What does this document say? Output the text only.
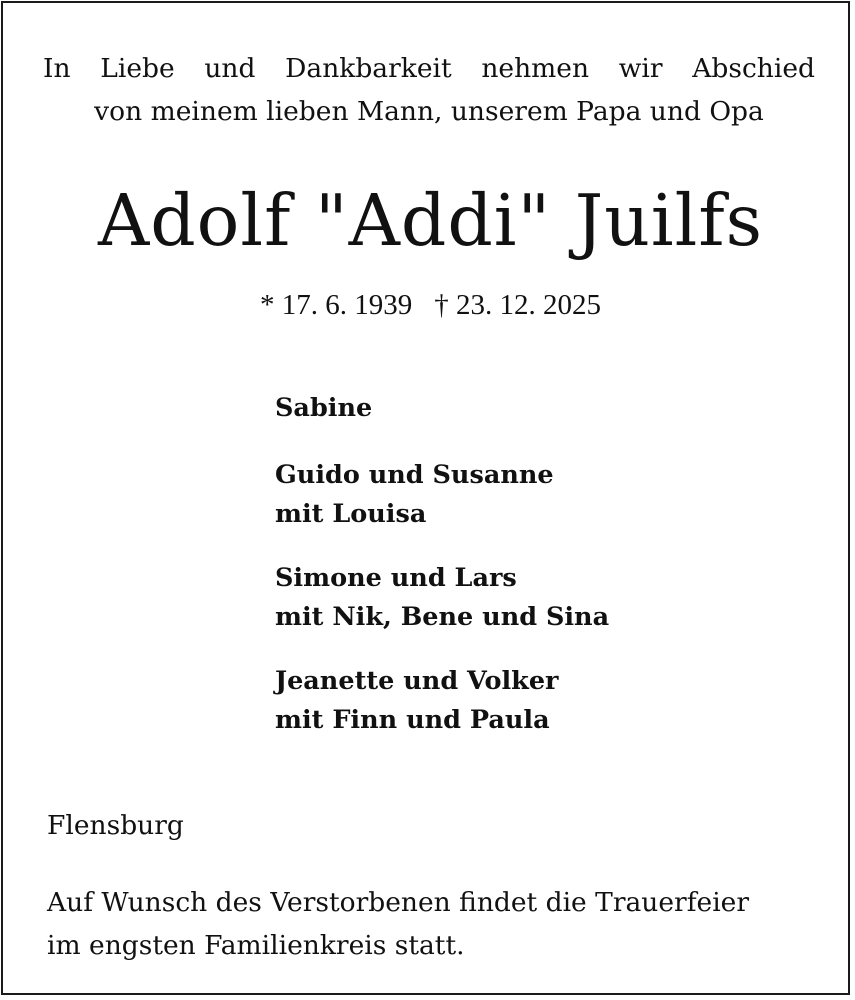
In Liebe und Dankbarkeit nehmen wir Abschied
von meinem lieben Mann, unserem Papa und Opa

Adolf "Addi" Juilfs

* 17. 6. 1939 † 23. 12. 2025

Sabine
Guido und Susanne
mit Louisa
Simone und Lars
mit Nik, Bene und Sina
Jeanette und Volker
mit Finn und Paula

Flensburg

Auf Wunsch des Verstorbenen findet die Trauerfeier
im engsten Familienkreis statt.
